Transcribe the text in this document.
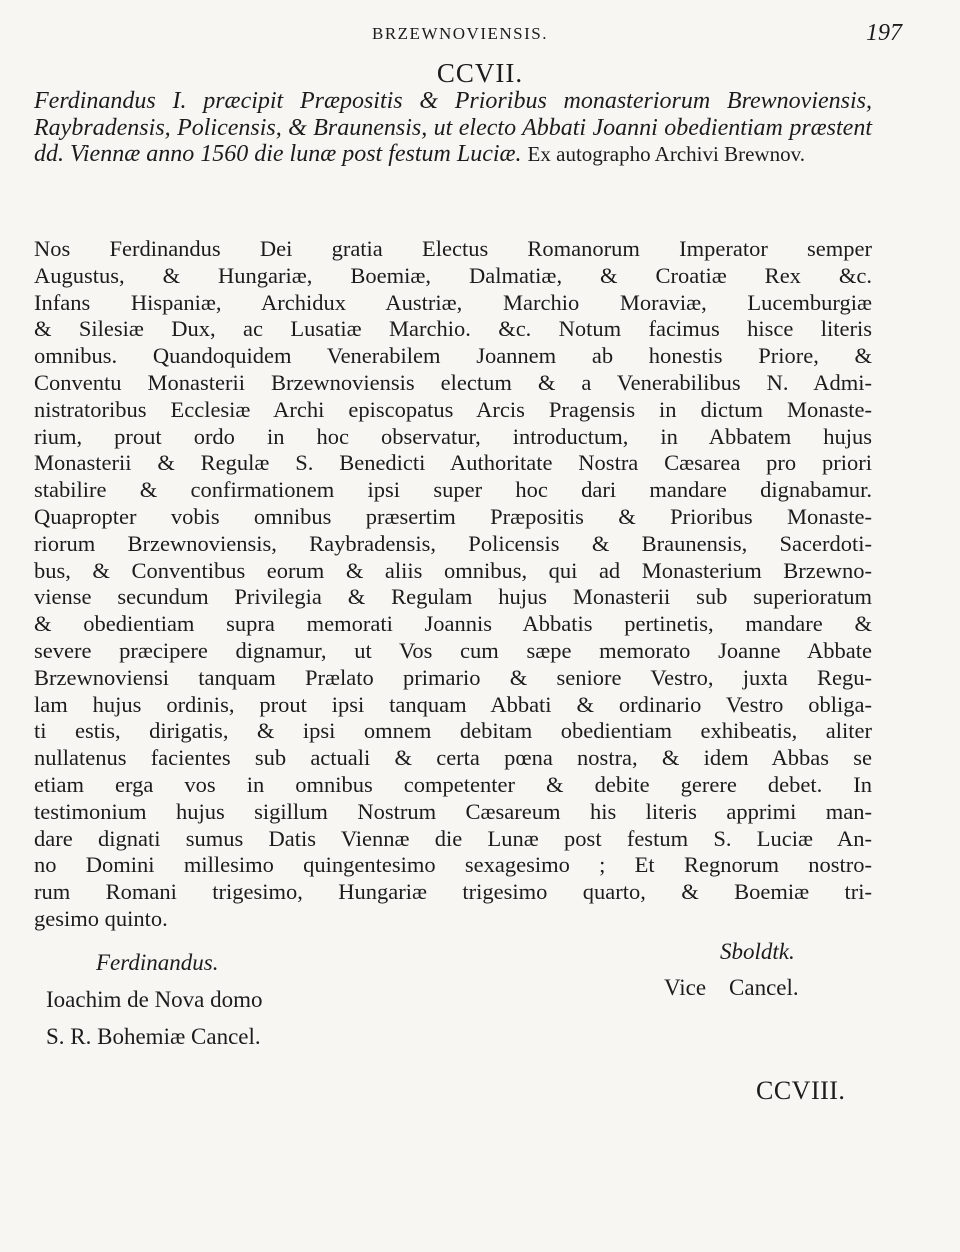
BRZEWNOVIENSIS.	197
CCVII.
Ferdinandus I. præcipit Præpositis & Prioribus monasteriorum Brewnoviensis, Raybradensis, Policensis, & Braunensis, ut electo Abbati Joanni obedientiam præstent dd. Viennæ anno 1560 die lunæ post festum Luciæ. Ex autographo Archivi Brewnov.
Nos Ferdinandus Dei gratia Electus Romanorum Imperator semper
Augustus, & Hungariæ, Boemiæ, Dalmatiæ, & Croatiæ Rex &c.
Infans Hispaniæ, Archidux Austriæ, Marchio Moraviæ, Lucemburgiæ
& Silesiæ Dux, ac Lusatiæ Marchio. &c. Notum facimus hisce literis
omnibus. Quandoquidem Venerabilem Joannem ab honestis Priore, &
Conventu Monasterii Brzewnoviensis electum & a Venerabilibus N. Admi-
nistratoribus Ecclesiæ Archi episcopatus Arcis Pragensis in dictum Monaste-
rium, prout ordo in hoc observatur, introductum, in Abbatem hujus
Monasterii & Regulæ S. Benedicti Authoritate Nostra Cæsarea pro priori
stabilire & confirmationem ipsi super hoc dari mandare dignabamur.
Quapropter vobis omnibus præsertim Præpositis & Prioribus Monaste-
riorum Brzewnoviensis, Raybradensis, Policensis & Braunensis, Sacerdoti-
bus, & Conventibus eorum & aliis omnibus, qui ad Monasterium Brzewno-
viense secundum Privilegia & Regulam hujus Monasterii sub superioratum
& obedientiam supra memorati Joannis Abbatis pertinetis, mandare &
severe præcipere dignamur, ut Vos cum sæpe memorato Joanne Abbate
Brzewnoviensi tanquam Prælato primario & seniore Vestro, juxta Regu-
lam hujus ordinis, prout ipsi tanquam Abbati & ordinario Vestro obliga-
ti estis, dirigatis, & ipsi omnem debitam obedientiam exhibeatis, aliter
nullatenus facientes sub actuali & certa pœna nostra, & idem Abbas se
etiam erga vos in omnibus competenter & debite gerere debet. In
testimonium hujus sigillum Nostrum Cæsareum his literis apprimi man-
dare dignati sumus Datis Viennæ die Lunæ post festum S. Luciæ An-
no Domini millesimo quingentesimo sexagesimo ; Et Regnorum nostro-
rum Romani trigesimo, Hungariæ trigesimo quarto, & Boemiæ tri-
gesimo quinto.
Ferdinandus.
Ioachim de Nova domo
S. R. Bohemiæ Cancel.
Sboldtk.
Vice    Cancel.
CCVIII.
